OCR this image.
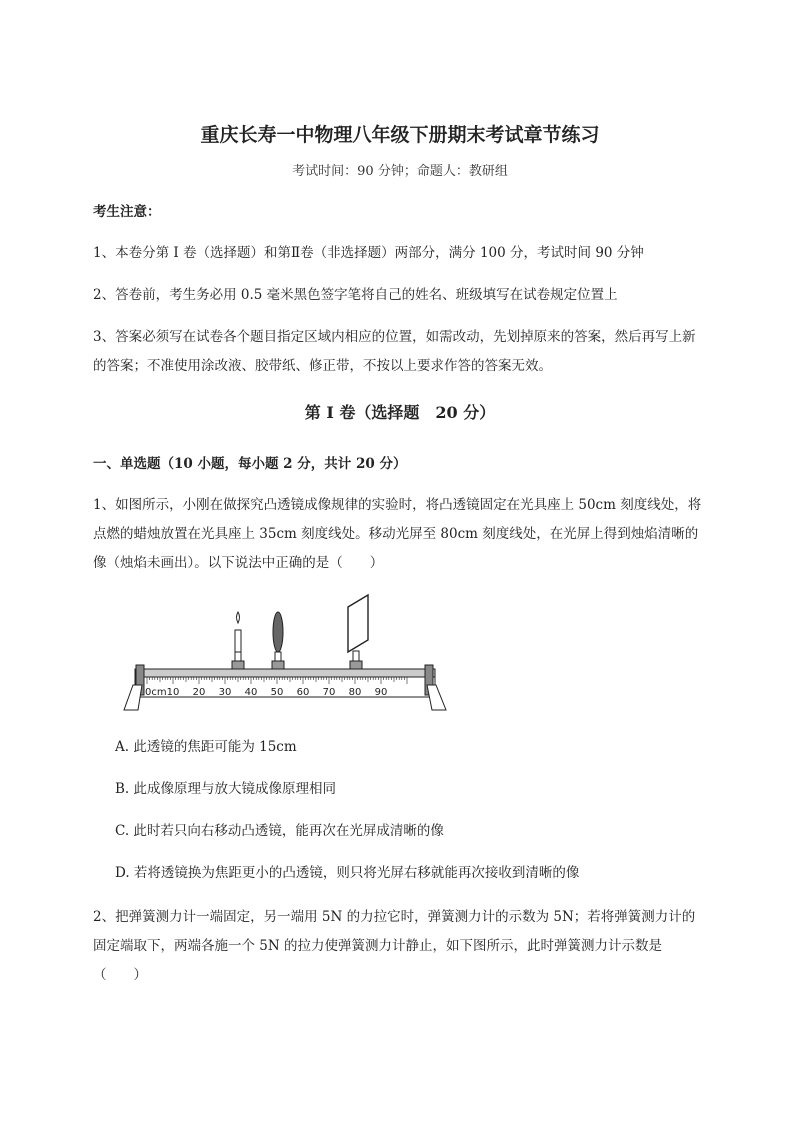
重庆长寿一中物理八年级下册期末考试章节练习
考试时间：90 分钟；命题人：教研组
考生注意：
1、本卷分第 I 卷（选择题）和第Ⅱ卷（非选择题）两部分，满分 100 分，考试时间 90 分钟
2、答卷前，考生务必用 0.5 毫米黑色签字笔将自己的姓名、班级填写在试卷规定位置上
3、答案必须写在试卷各个题目指定区域内相应的位置，如需改动，先划掉原来的答案，然后再写上新的答案；不准使用涂改液、胶带纸、修正带，不按以上要求作答的答案无效。
第 I 卷（选择题　20 分）
一、单选题（10 小题，每小题 2 分，共计 20 分）
1、如图所示，小刚在做探究凸透镜成像规律的实验时，将凸透镜固定在光具座上 50cm 刻度线处，将点燃的蜡烛放置在光具座上 35cm 刻度线处。移动光屏至 80cm 刻度线处，在光屏上得到烛焰清晰的像（烛焰未画出）。以下说法中正确的是（　　）
0cm 10 20 30 40 50 60 70 80 90
A. 此透镜的焦距可能为 15cm
B. 此成像原理与放大镜成像原理相同
C. 此时若只向右移动凸透镜，能再次在光屏成清晰的像
D. 若将透镜换为焦距更小的凸透镜，则只将光屏右移就能再次接收到清晰的像
2、把弹簧测力计一端固定，另一端用 5N 的力拉它时，弹簧测力计的示数为 5N；若将弹簧测力计的固定端取下，两端各施一个 5N 的拉力使弹簧测力计静止，如下图所示，此时弹簧测力计示数是（　　）
